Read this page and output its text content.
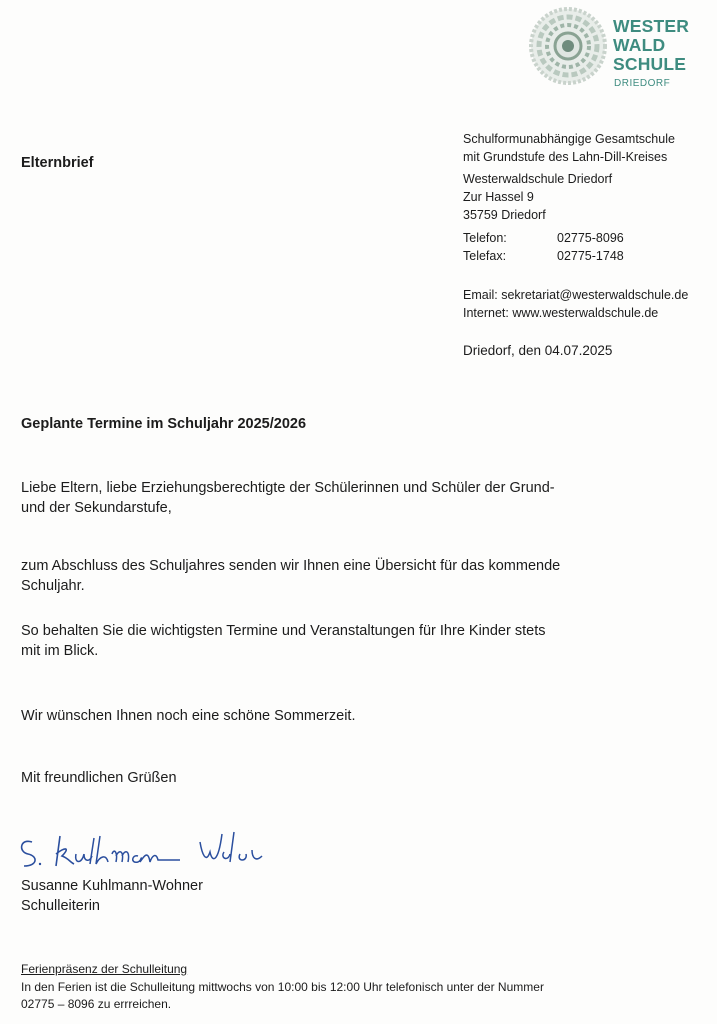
WESTER
WALD
SCHULE
DRIEDORF
Elternbrief
Schulformunabhängige Gesamtschule
mit Grundstufe des Lahn-Dill-Kreises
Westerwaldschule Driedorf
Zur Hassel 9
35759 Driedorf
Telefon:	02775-8096
Telefax:	02775-1748
Email: sekretariat@westerwaldschule.de
Internet: www.westerwaldschule.de
Driedorf, den 04.07.2025
Geplante Termine im Schuljahr 2025/2026
Liebe Eltern, liebe Erziehungsberechtigte der Schülerinnen und Schüler der Grund-
und der Sekundarstufe,
zum Abschluss des Schuljahres senden wir Ihnen eine Übersicht für das kommende
Schuljahr.
So behalten Sie die wichtigsten Termine und Veranstaltungen für Ihre Kinder stets
mit im Blick.
Wir wünschen Ihnen noch eine schöne Sommerzeit.
Mit freundlichen Grüßen
Susanne Kuhlmann-Wohner
Schulleiterin
Ferienpräsenz der Schulleitung
In den Ferien ist die Schulleitung mittwochs von 10:00 bis 12:00 Uhr telefonisch unter der Nummer
02775 – 8096 zu errreichen.
